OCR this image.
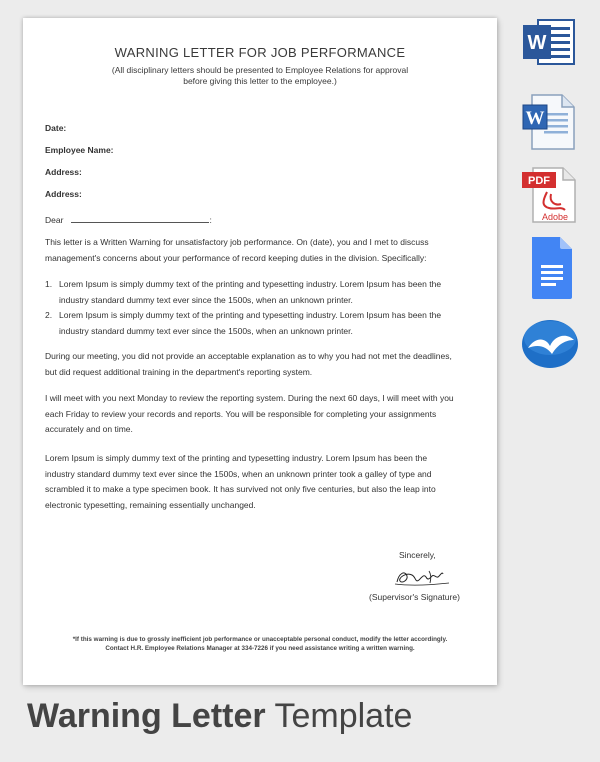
WARNING LETTER FOR JOB PERFORMANCE
(All disciplinary letters should be presented to Employee Relations for approval
before giving this letter to the employee.)
Date:
Employee Name:
Address:
Address:
Dear	:
This letter is a Written Warning for unsatisfactory job performance. On (date), you and I met to discuss
management's concerns about your performance of record keeping duties in the division. Specifically:
1. Lorem Ipsum is simply dummy text of the printing and typesetting industry. Lorem Ipsum has been the
industry standard dummy text ever since the 1500s, when an unknown printer.
2. Lorem Ipsum is simply dummy text of the printing and typesetting industry. Lorem Ipsum has been the
industry standard dummy text ever since the 1500s, when an unknown printer.
During our meeting, you did not provide an acceptable explanation as to why you had not met the deadlines,
but did request additional training in the department's reporting system.
I will meet with you next Monday to review the reporting system. During the next 60 days, I will meet with you
each Friday to review your records and reports. You will be responsible for completing your assignments
accurately and on time.
Lorem Ipsum is simply dummy text of the printing and typesetting industry. Lorem Ipsum has been the
industry standard dummy text ever since the 1500s, when an unknown printer took a galley of type and
scrambled it to make a type specimen book. It has survived not only five centuries, but also the leap into
electronic typesetting, remaining essentially unchanged.
Sincerely,
(Supervisor's Signature)
*If this warning is due to grossly inefficient job performance or unacceptable personal conduct, modify the letter accordingly.
Contact H.R. Employee Relations Manager at 334-7226 if you need assistance writing a written warning.
W
W
PDF
Adobe
Warning Letter Template
